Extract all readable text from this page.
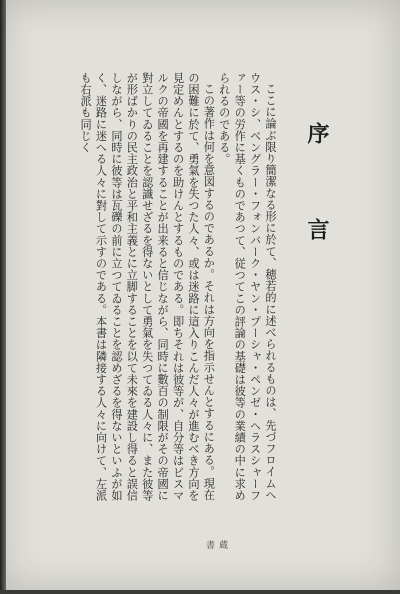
序　言

ここに論ぶ限り簡潔なる形に於て、穂若的に述べられるものは、先づフロイムヘウス・シ、ベングラー・フォンバーク・ヤン・プーシャ・ペンゼ・ヘラスシャーファー等の労作に基くものであつて、従つてこの評論の基礎は彼等の業績の中に求められるのである。

この著作は何を意図するのであるか。それは方向を指示せんとするにある。現在の困難に於て、勇氣を失つた人々、或は迷路に這入りこんだ人々が進むべき方向を見定めんとするのを助けんとするものである。即ちそれは彼等が、自分等はビスマルクの帝國を再建することが出来ると信じながら、同時に數百の制限がその帝國に對立してゐることを認識せざるを得ないとして勇氣を失つてゐる人々に、また彼等が形ばかりの民主政治と平和主義とに立脚することを以て未來を建設し得ると誤信しながら、同時に彼等は瓦礫の前に立つてゐることを認めざるを得ないといふが如く、迷路に迷へる人々に對して示すのである。本書は隣接する人々に向けて、左派も右派も同じく

蔵　書
